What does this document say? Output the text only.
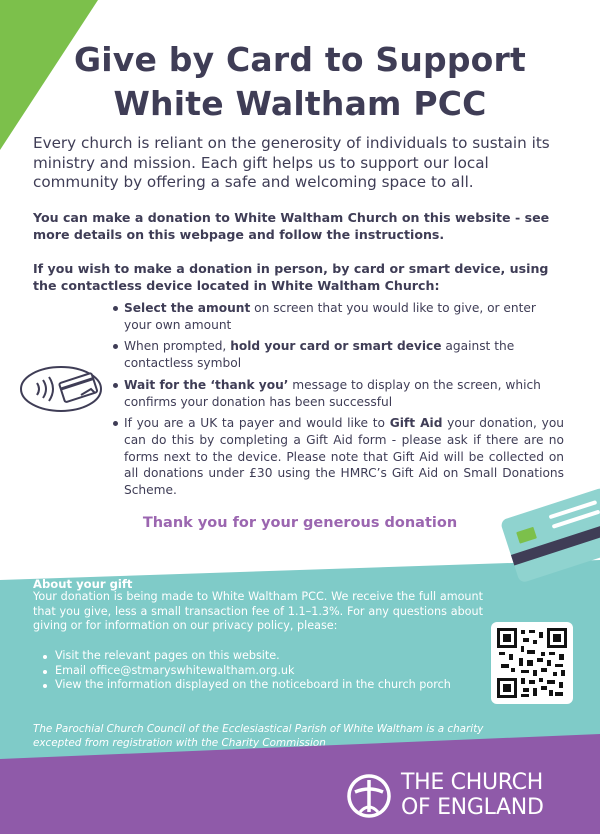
Give by Card to Support
White Waltham PCC
Every church is reliant on the generosity of individuals to sustain its ministry and mission. Each gift helps us to support our local community by offering a safe and welcoming space to all.
You can make a donation to White Waltham Church on this website - see more details on this webpage and follow the instructions.
If you wish to make a donation in person, by card or smart device, using the contactless device located in White Waltham Church:
Select the amount on screen that you would like to give, or enter your own amount
When prompted, hold your card or smart device against the contactless symbol
Wait for the ‘thank you’ message to display on the screen, which confirms your donation has been successful
If you are a UK ta payer and would like to Gift Aid your donation, you can do this by completing a Gift Aid form - please ask if there are no forms next to the device. Please note that Gift Aid will be collected on all donations under £30 using the HMRC’s Gift Aid on Small Donations Scheme.
Thank you for your generous donation
About your gift
Your donation is being made to White Waltham PCC. We receive the full amount that you give, less a small transaction fee of 1.1–1.3%. For any questions about giving or for information on our privacy policy, please:
Visit the relevant pages on this website.
Email office@stmaryswhitewaltham.org.uk
View the information displayed on the noticeboard in the church porch
The Parochial Church Council of the Ecclesiastical Parish of White Waltham is a charity excepted from registration with the Charity Commission
THE CHURCH
OF ENGLAND
